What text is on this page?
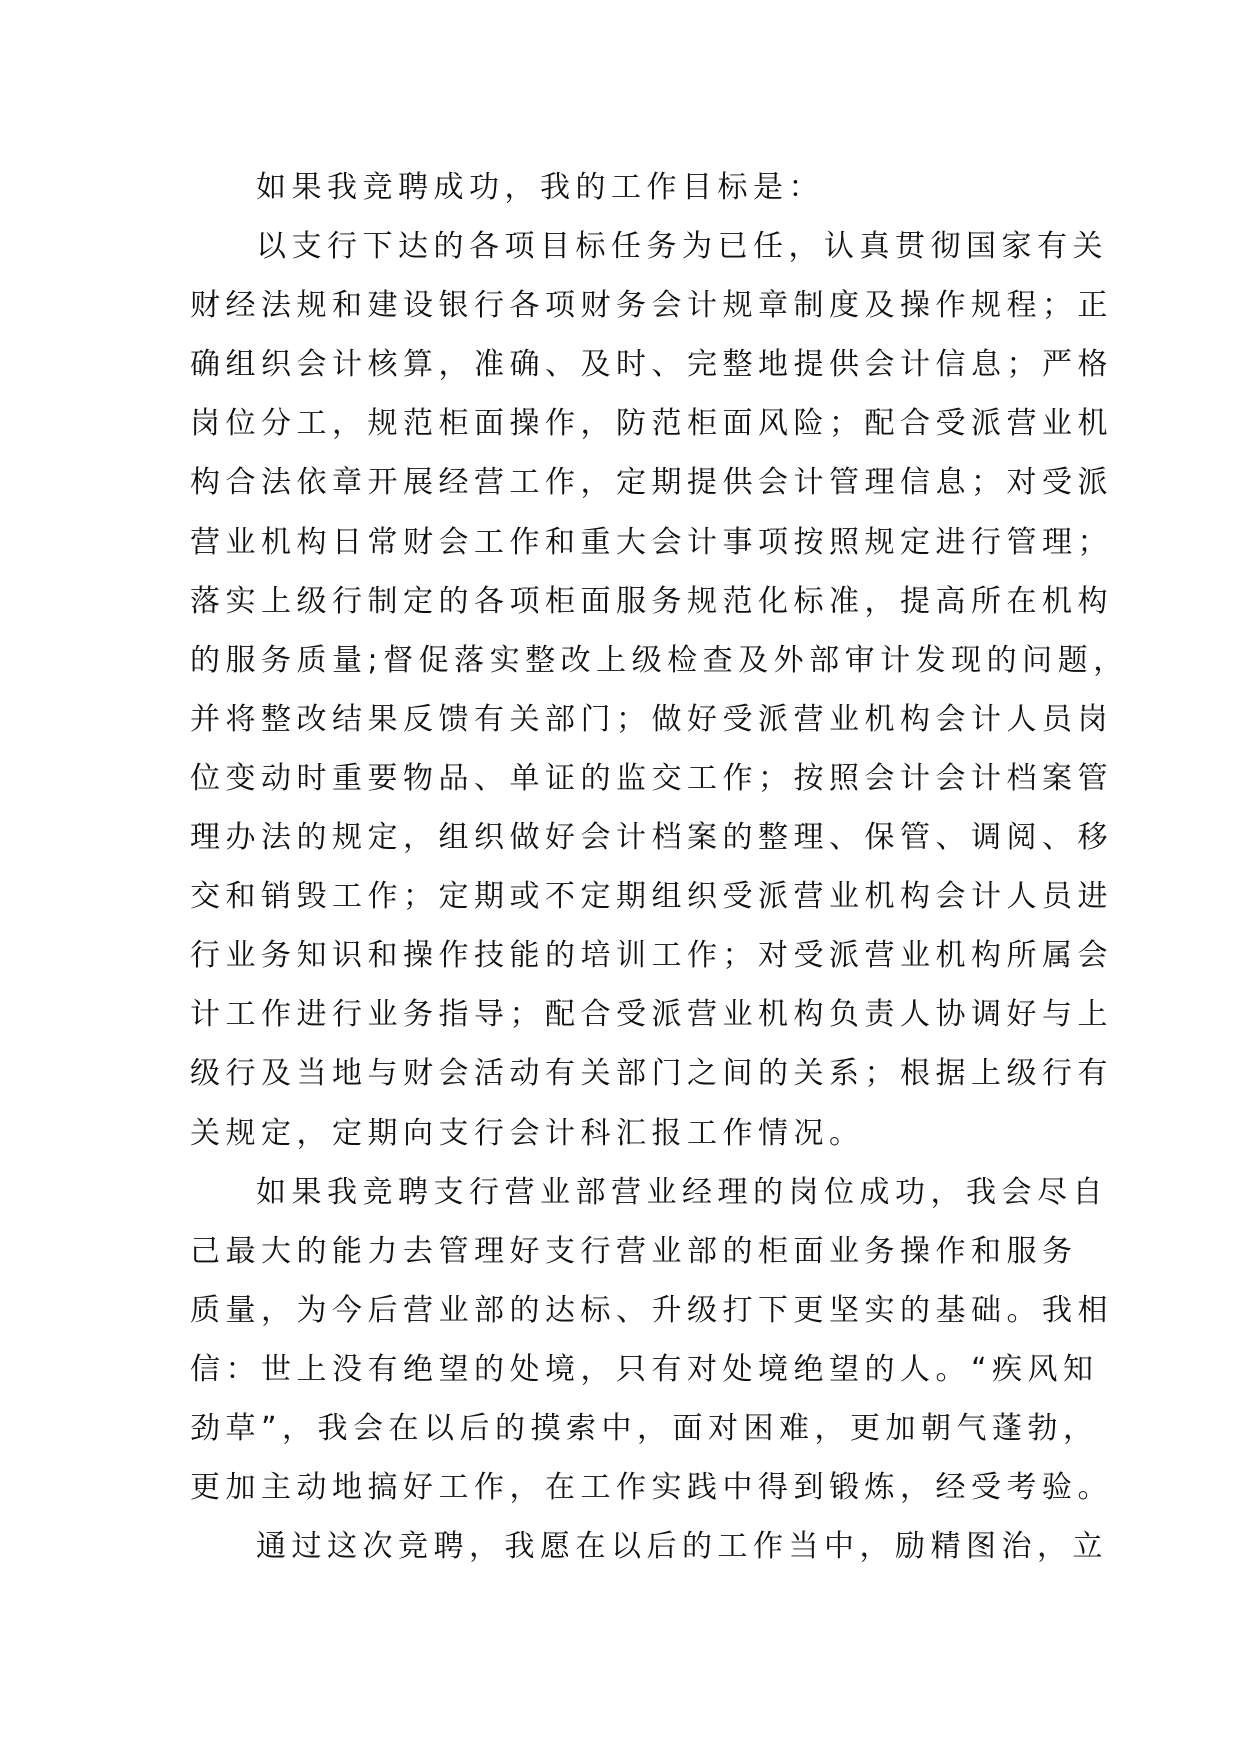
如果我竞聘成功，我的工作目标是：
以支行下达的各项目标任务为已任，认真贯彻国家有关
财经法规和建设银行各项财务会计规章制度及操作规程；正
确组织会计核算，准确、及时、完整地提供会计信息；严格
岗位分工，规范柜面操作，防范柜面风险；配合受派营业机
构合法依章开展经营工作，定期提供会计管理信息；对受派
营业机构日常财会工作和重大会计事项按照规定进行管理；
落实上级行制定的各项柜面服务规范化标准，提高所在机构
的服务质量;督促落实整改上级检查及外部审计发现的问题，
并将整改结果反馈有关部门；做好受派营业机构会计人员岗
位变动时重要物品、单证的监交工作；按照会计会计档案管
理办法的规定，组织做好会计档案的整理、保管、调阅、移
交和销毁工作；定期或不定期组织受派营业机构会计人员进
行业务知识和操作技能的培训工作；对受派营业机构所属会
计工作进行业务指导；配合受派营业机构负责人协调好与上
级行及当地与财会活动有关部门之间的关系；根据上级行有
关规定，定期向支行会计科汇报工作情况。
如果我竞聘支行营业部营业经理的岗位成功，我会尽自
己最大的能力去管理好支行营业部的柜面业务操作和服务
质量，为今后营业部的达标、升级打下更坚实的基础。我相
信：世上没有绝望的处境，只有对处境绝望的人。“疾风知
劲草”，我会在以后的摸索中，面对困难，更加朝气蓬勃，
更加主动地搞好工作，在工作实践中得到锻炼，经受考验。
通过这次竞聘，我愿在以后的工作当中，励精图治，立
